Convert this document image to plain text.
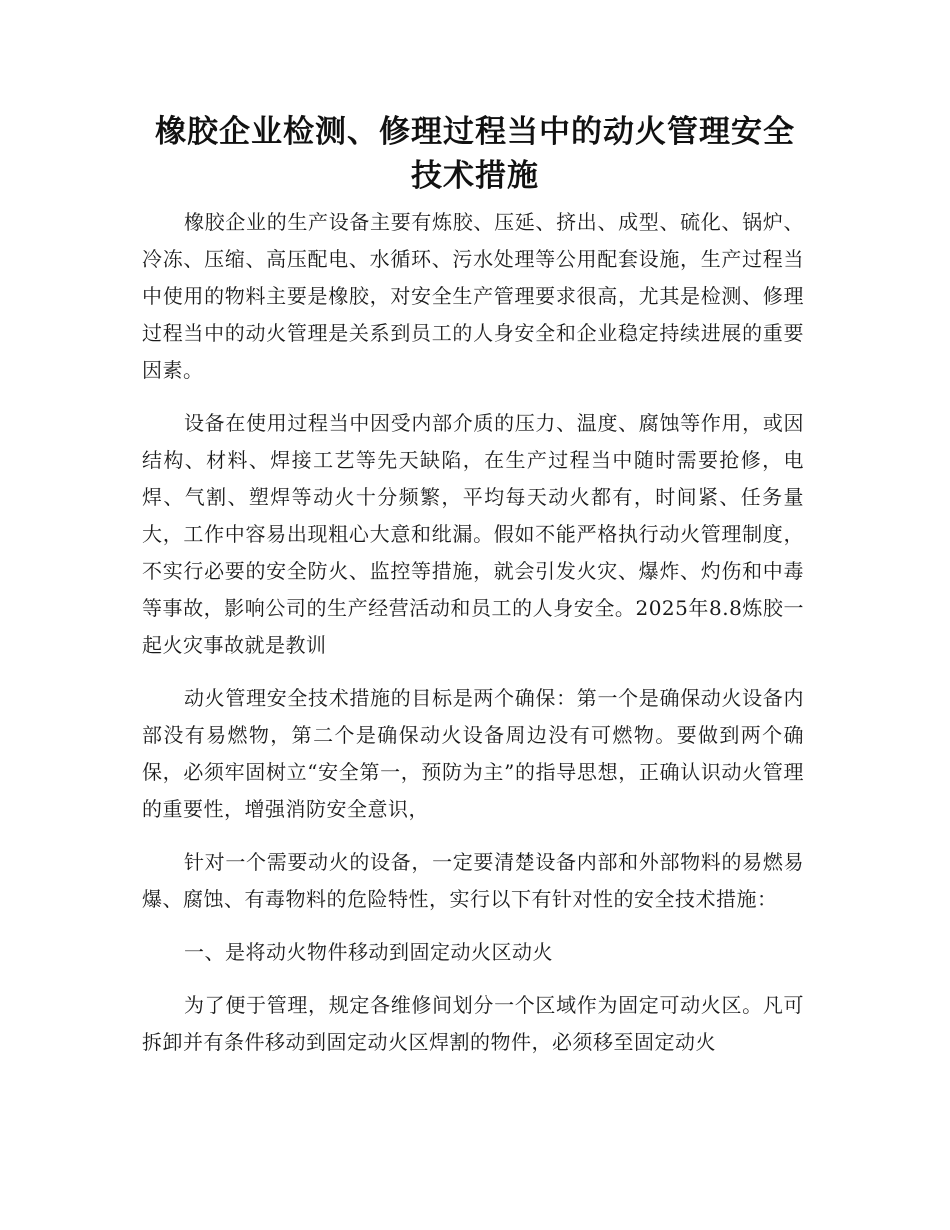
橡胶企业检测、修理过程当中的动火管理安全技术措施

橡胶企业的生产设备主要有炼胶、压延、挤出、成型、硫化、锅炉、冷冻、压缩、高压配电、水循环、污水处理等公用配套设施，生产过程当中使用的物料主要是橡胶，对安全生产管理要求很高，尤其是检测、修理过程当中的动火管理是关系到员工的人身安全和企业稳定持续进展的重要因素。

设备在使用过程当中因受内部介质的压力、温度、腐蚀等作用，或因结构、材料、焊接工艺等先天缺陷，在生产过程当中随时需要抢修，电焊、气割、塑焊等动火十分频繁，平均每天动火都有，时间紧、任务量大，工作中容易出现粗心大意和纰漏。假如不能严格执行动火管理制度，不实行必要的安全防火、监控等措施，就会引发火灾、爆炸、灼伤和中毒等事故，影响公司的生产经营活动和员工的人身安全。2025年8.8炼胶一起火灾事故就是教训

动火管理安全技术措施的目标是两个确保：第一个是确保动火设备内部没有易燃物，第二个是确保动火设备周边没有可燃物。要做到两个确保，必须牢固树立“安全第一，预防为主”的指导思想，正确认识动火管理的重要性，增强消防安全意识，

针对一个需要动火的设备，一定要清楚设备内部和外部物料的易燃易爆、腐蚀、有毒物料的危险特性，实行以下有针对性的安全技术措施：

一、是将动火物件移动到固定动火区动火

为了便于管理，规定各维修间划分一个区域作为固定可动火区。凡可拆卸并有条件移动到固定动火区焊割的物件，必须移至固定动火
